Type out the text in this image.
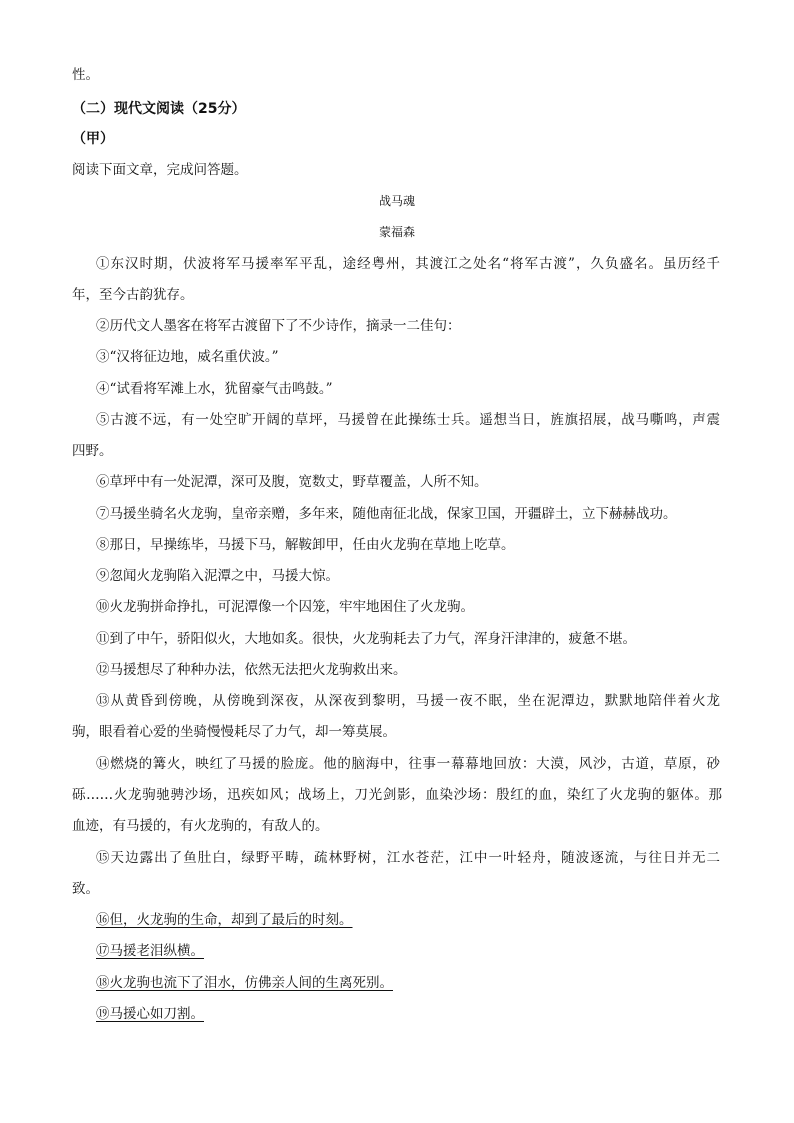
性。
（二）现代文阅读（25分）
（甲）
阅读下面文章，完成问答题。
战马魂
蒙福森
①东汉时期，伏波将军马援率军平乱，途经粤州，其渡江之处名“将军古渡”，久负盛名。虽历经千
年，至今古韵犹存。
②历代文人墨客在将军古渡留下了不少诗作，摘录一二佳句：
③“汉将征边地，威名重伏波。”
④“试看将军滩上水，犹留豪气击鸣鼓。”
⑤古渡不远，有一处空旷开阔的草坪，马援曾在此操练士兵。遥想当日，旌旗招展，战马嘶鸣，声震
四野。
⑥草坪中有一处泥潭，深可及腹，宽数丈，野草覆盖，人所不知。
⑦马援坐骑名火龙驹，皇帝亲赠，多年来，随他南征北战，保家卫国，开疆辟土，立下赫赫战功。
⑧那日，早操练毕，马援下马，解鞍卸甲，任由火龙驹在草地上吃草。
⑨忽闻火龙驹陷入泥潭之中，马援大惊。
⑩火龙驹拼命挣扎，可泥潭像一个囚笼，牢牢地困住了火龙驹。
⑪到了中午，骄阳似火，大地如炙。很快，火龙驹耗去了力气，浑身汗津津的，疲惫不堪。
⑫马援想尽了种种办法，依然无法把火龙驹救出来。
⑬从黄昏到傍晚，从傍晚到深夜，从深夜到黎明，马援一夜不眠，坐在泥潭边，默默地陪伴着火龙
驹，眼看着心爱的坐骑慢慢耗尽了力气，却一筹莫展。
⑭燃烧的篝火，映红了马援的脸庞。他的脑海中，往事一幕幕地回放：大漠，风沙，古道，草原，砂
砾……火龙驹驰骋沙场，迅疾如风；战场上，刀光剑影，血染沙场：殷红的血，染红了火龙驹的躯体。那
血迹，有马援的，有火龙驹的，有敌人的。
⑮天边露出了鱼肚白，绿野平畴，疏林野树，江水苍茫，江中一叶轻舟，随波逐流，与往日并无二
致。
⑯但，火龙驹的生命，却到了最后的时刻。
⑰马援老泪纵横。
⑱火龙驹也流下了泪水，仿佛亲人间的生离死别。
⑲马援心如刀割。
